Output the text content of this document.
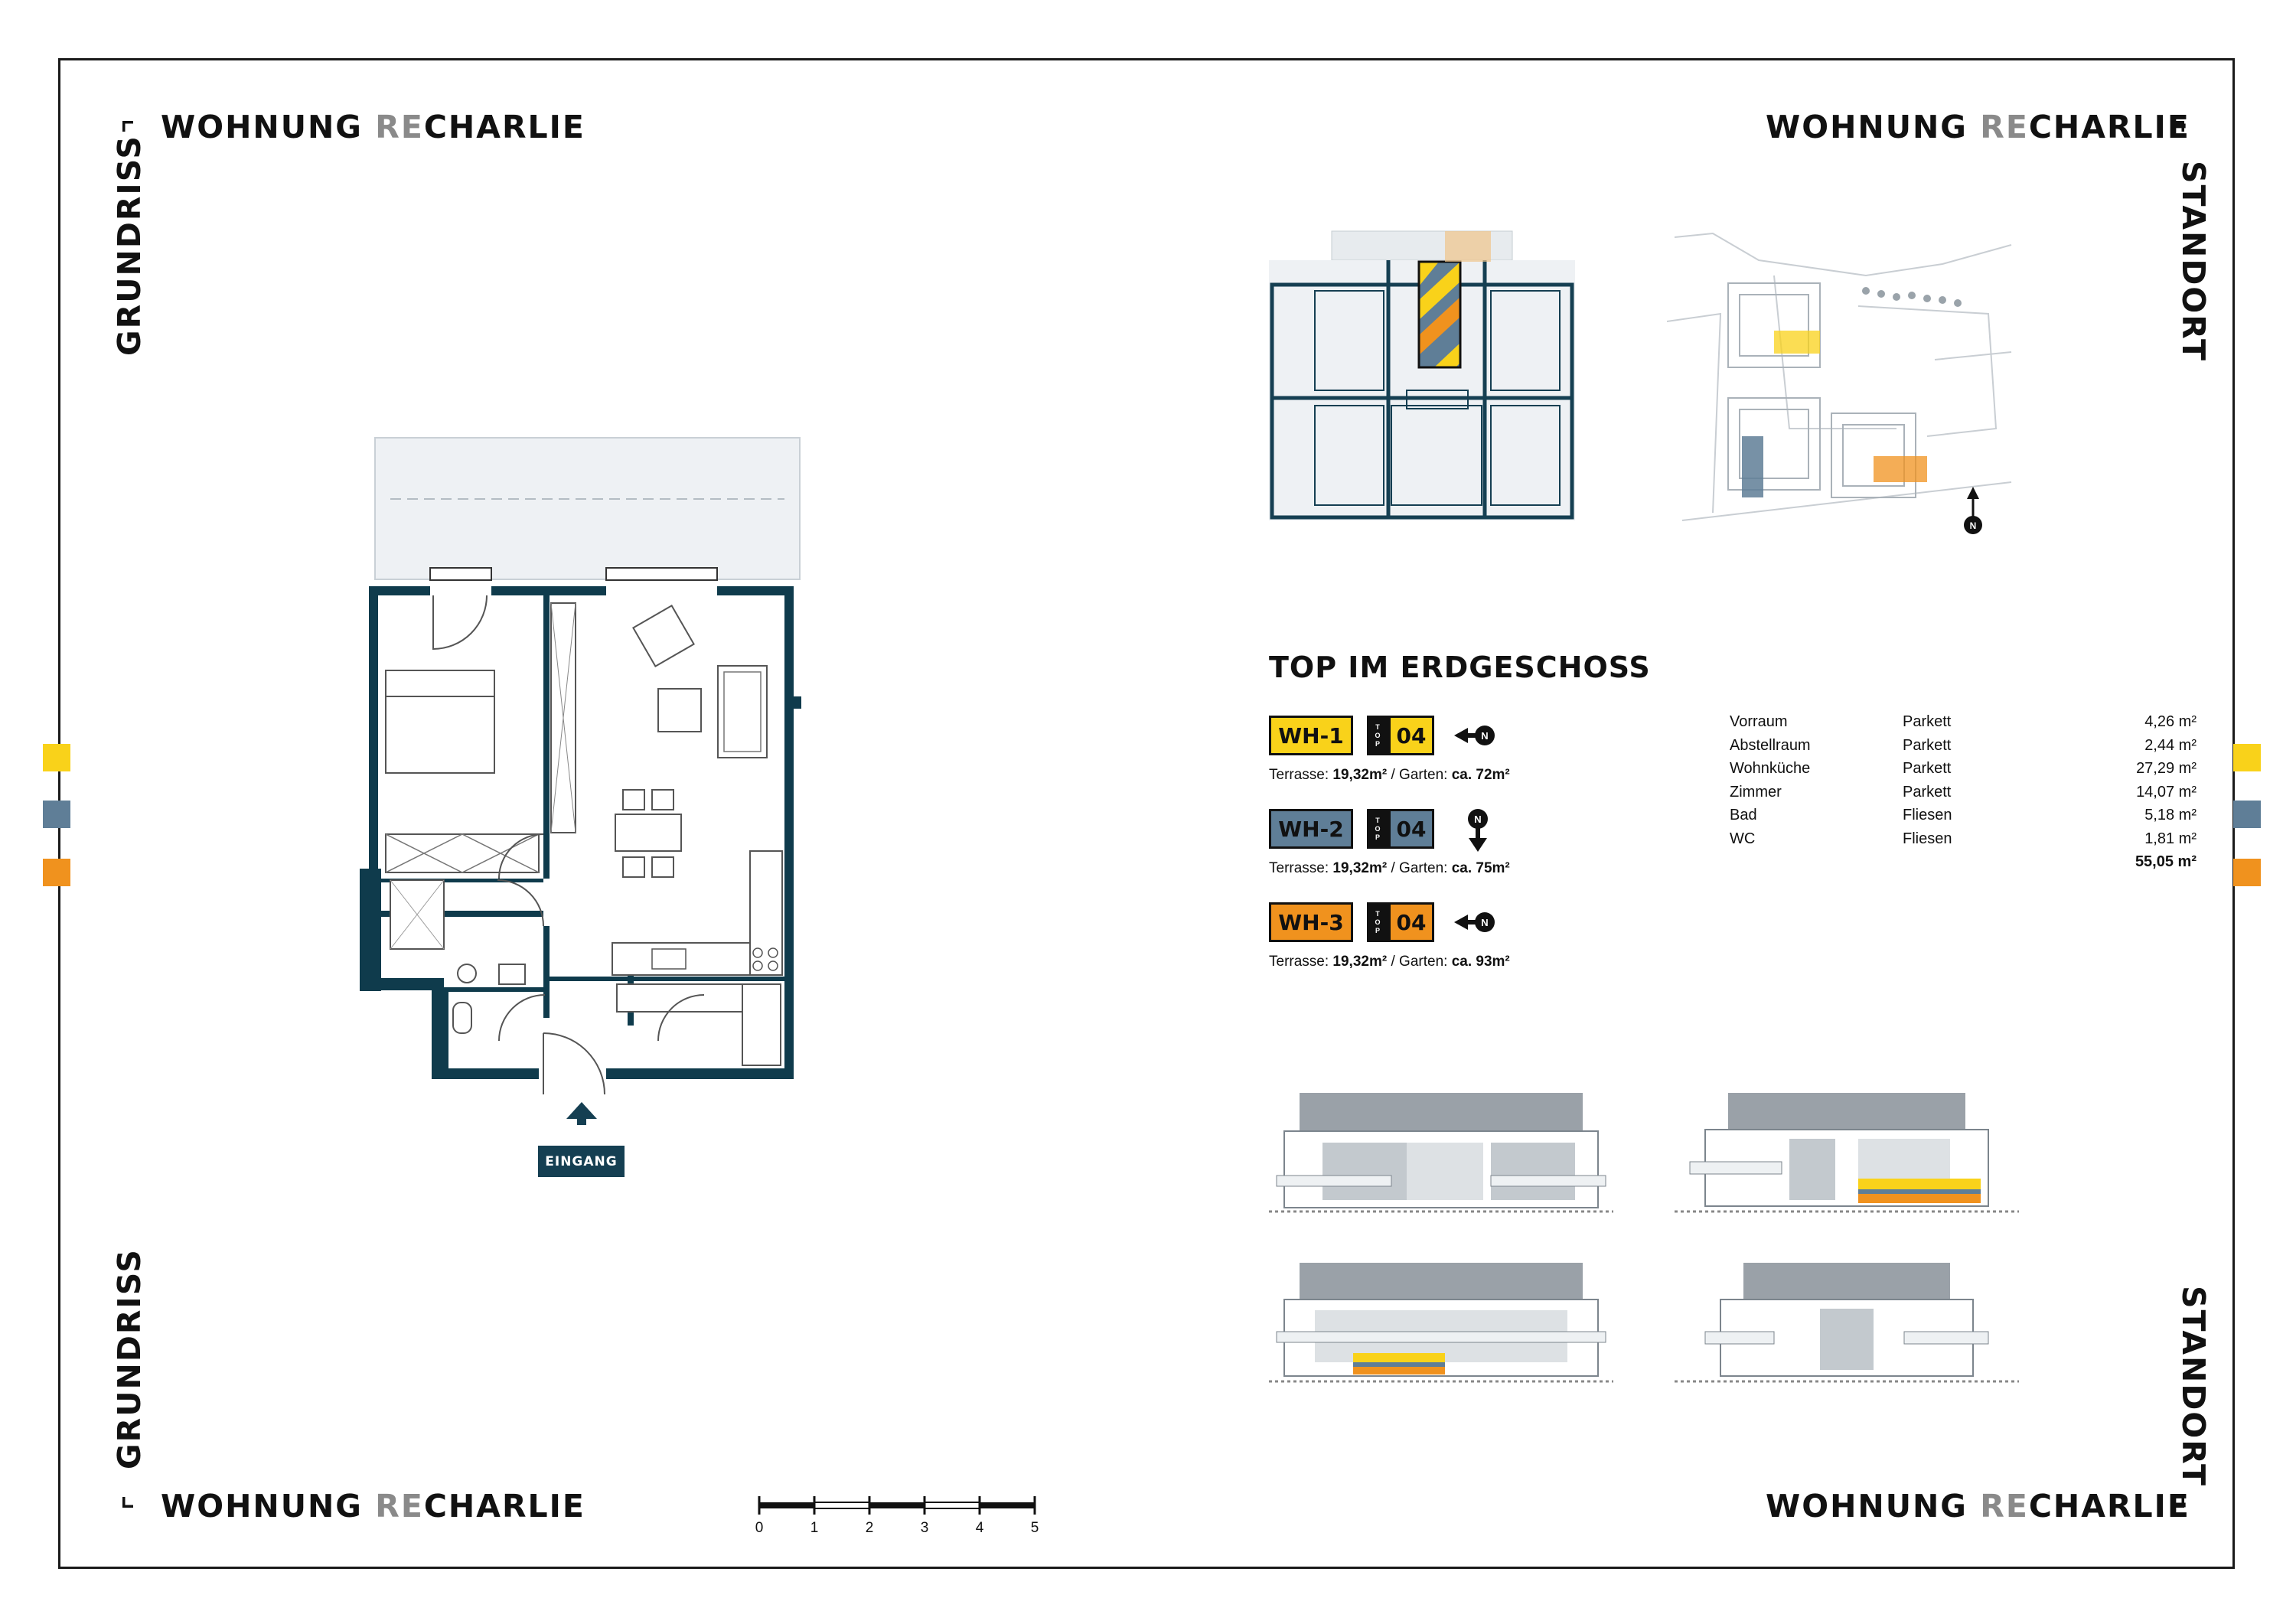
WOHNUNG RECHARLIE	WOHNUNG RECHARLIE
WOHNUNG RECHARLIE	WOHNUNG RECHARLIE
GRUNDRISS
GRUNDRISS
STANDORT
STANDORT
EINGANG
N
TOP IM ERDGESCHOSS
WH-1	T
O
P 04	N
Terrasse: 19,32m² / Garten: ca. 72m²
WH-2	T
O
P 04	N
Terrasse: 19,32m² / Garten: ca. 75m²
WH-3	T
O
P 04	N
Terrasse: 19,32m² / Garten: ca. 93m²
Vorraum	Parkett	4,26 m²
Abstellraum	Parkett	2,44 m²
Wohnküche	Parkett	27,29 m²
Zimmer	Parkett	14,07 m²
Bad	Fliesen	5,18 m²
WC	Fliesen	1,81 m²
55,05 m²
0	1	2	3	4	5
